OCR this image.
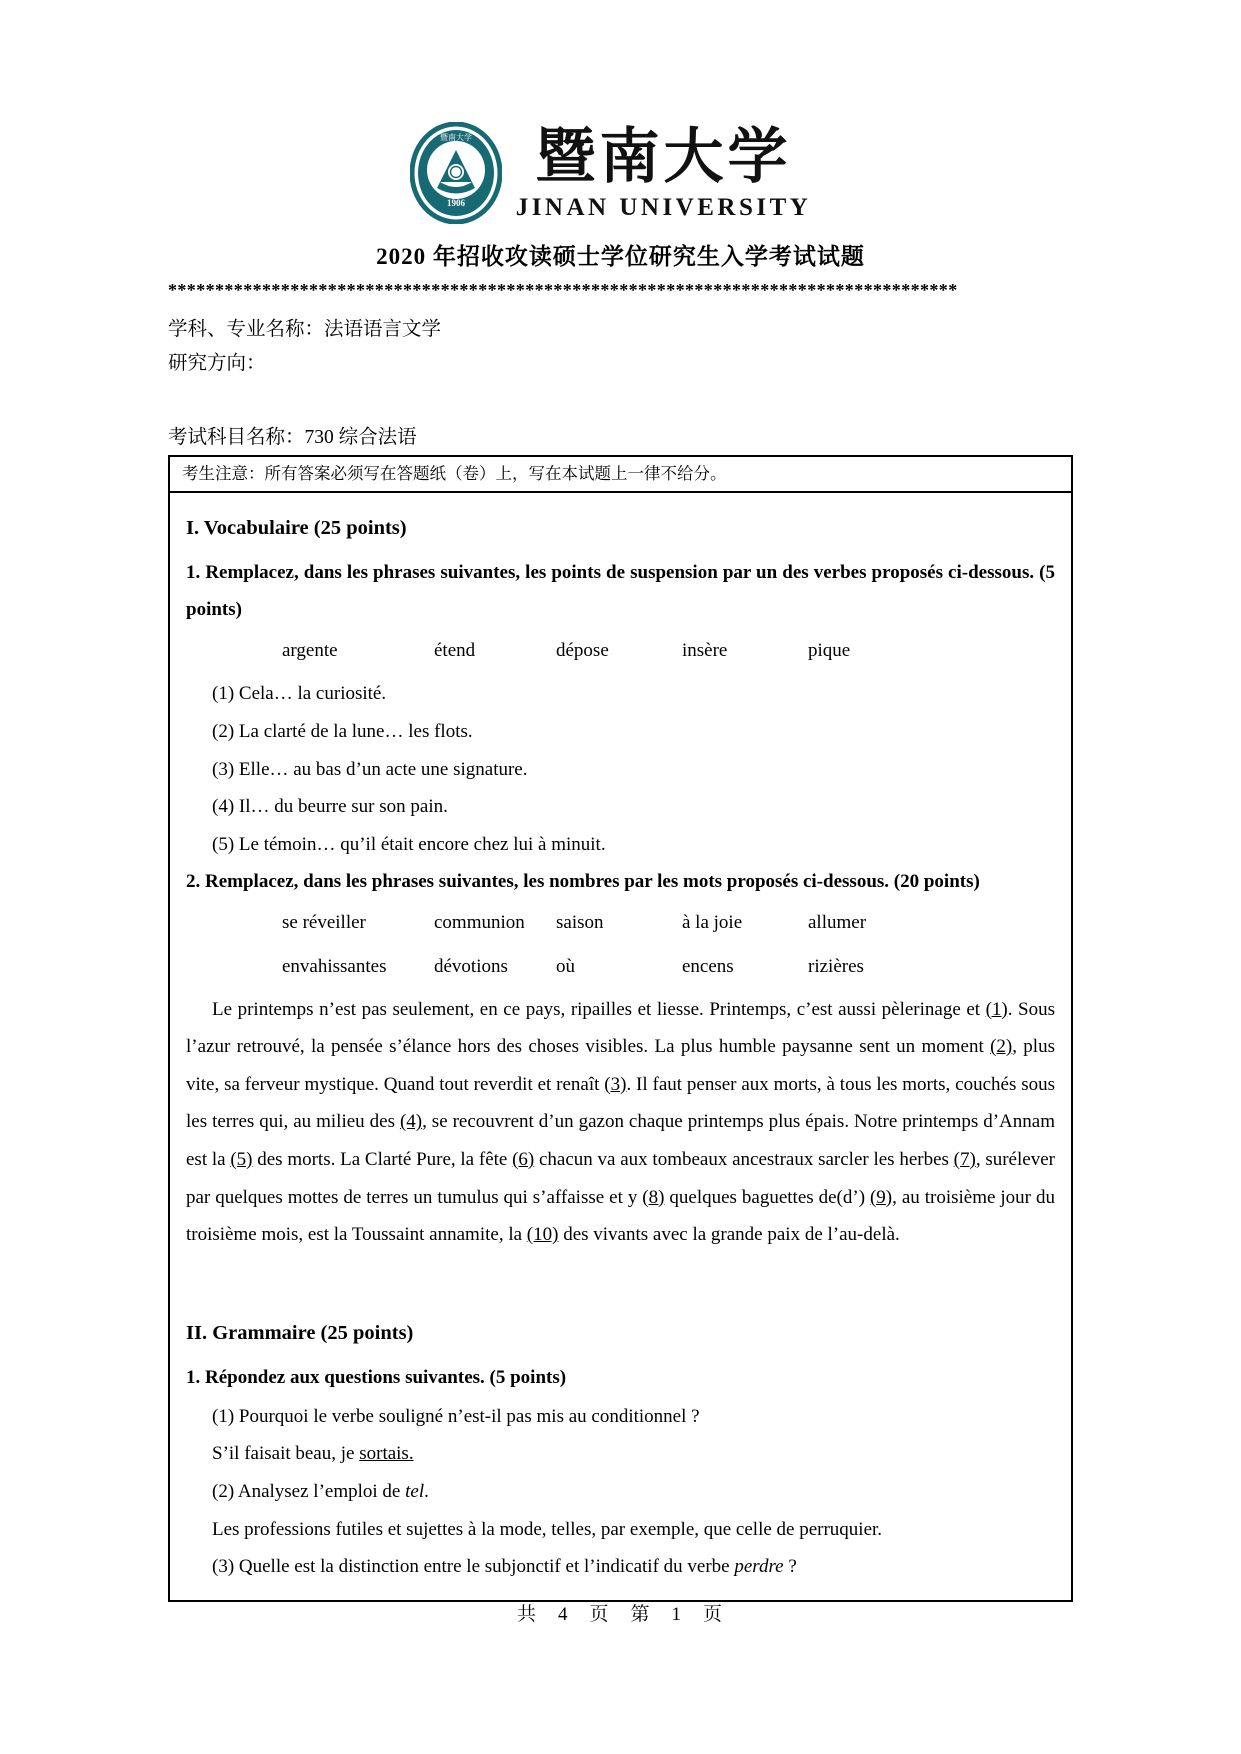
1906
暨南大学 暨南大学
JINAN UNIVERSITY
2020 年招收攻读硕士学位研究生入学考试试题
************************************************************************************
学科、专业名称：法语语言文学
研究方向：
考试科目名称：730 综合法语
考生注意：所有答案必须写在答题纸（卷）上，写在本试题上一律不给分。
I. Vocabulaire (25 points)

1. Remplacez, dans les phrases suivantes, les points de suspension par un des verbes proposés ci-dessous. (5 points)

argente	étend	dépose	insère	pique
(1) Cela… la curiosité.
(2) La clarté de la lune… les flots.
(3) Elle… au bas d’un acte une signature.
(4) Il… du beurre sur son pain.
(5) Le témoin… qu’il était encore chez lui à minuit.

2. Remplacez, dans les phrases suivantes, les nombres par les mots proposés ci-dessous. (20 points)

se réveiller	communion	saison	à la joie	allumer
envahissantes	dévotions	où	encens	rizières

Le printemps n’est pas seulement, en ce pays, ripailles et liesse. Printemps, c’est aussi pèlerinage et (1). Sous l’azur retrouvé, la pensée s’élance hors des choses visibles. La plus humble paysanne sent un moment (2), plus vite, sa ferveur mystique. Quand tout reverdit et renaît (3). Il faut penser aux morts, à tous les morts, couchés sous les terres qui, au milieu des (4), se recouvrent d’un gazon chaque printemps plus épais. Notre printemps d’Annam est la (5) des morts. La Clarté Pure, la fête (6) chacun va aux tombeaux ancestraux sarcler les herbes (7), surélever par quelques mottes de terres un tumulus qui s’affaisse et y (8) quelques baguettes de(d’) (9), au troisième jour du troisième mois, est la Toussaint annamite, la (10) des vivants avec la grande paix de l’au-delà.

II. Grammaire (25 points)

1. Répondez aux questions suivantes. (5 points)

(1) Pourquoi le verbe souligné n’est-il pas mis au conditionnel ?
S’il faisait beau, je sortais.
(2) Analysez l’emploi de tel.
Les professions futiles et sujettes à la mode, telles, par exemple, que celle de perruquier.
(3) Quelle est la distinction entre le subjonctif et l’indicatif du verbe perdre ?
共 4 页 第 1 页
